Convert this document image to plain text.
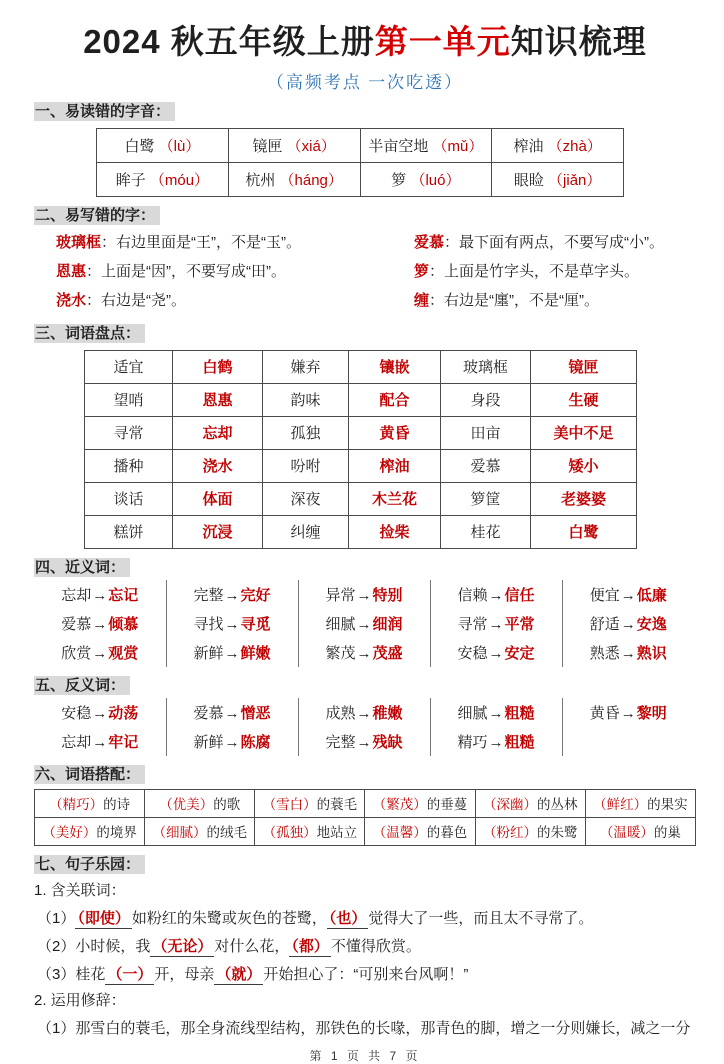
2024 秋五年级上册第一单元知识梳理
（高频考点 一次吃透）
一、易读错的字音：
白鹭 （lù）	镜匣 （xiá）	半亩空地 （mǔ）	榨油 （zhà）
眸子 （móu）	杭州 （háng）	箩 （luó）	眼睑 （jiǎn）
二、易写错的字：
玻璃框：右边里面是“王”，不是“玉”。
恩惠：上面是“因”，不要写成“田”。
浇水：右边是“尧”。
爱慕：最下面有两点，不要写成“小”。
箩：上面是竹字头，不是草字头。
缠：右边是“廛”，不是“厘”。
三、词语盘点：
适宜	白鹤	嫌弃	镶嵌	玻璃框	镜匣
望哨	恩惠	韵味	配合	身段	生硬
寻常	忘却	孤独	黄昏	田亩	美中不足
播种	浇水	吩咐	榨油	爱慕	矮小
谈话	体面	深夜	木兰花	箩筐	老婆婆
糕饼	沉浸	纠缠	捡柴	桂花	白鹭
四、近义词：
忘却→忘记	完整→完好	异常→特别	信赖→信任	便宜→低廉
爱慕→倾慕	寻找→寻觅	细腻→细润	寻常→平常	舒适→安逸
欣赏→观赏	新鲜→鲜嫩	繁茂→茂盛	安稳→安定	熟悉→熟识
五、反义词：
安稳→动荡	爱慕→憎恶	成熟→稚嫩	细腻→粗糙	黄昏→黎明
忘却→牢记	新鲜→陈腐	完整→残缺	精巧→粗糙	
六、词语搭配：
（精巧）的诗	（优美）的歌	（雪白）的蓑毛	（繁茂）的垂蔓	（深幽）的丛林	（鲜红）的果实
（美好）的境界	（细腻）的绒毛	（孤独）地站立	（温馨）的暮色	（粉红）的朱鹭	（温暖）的巢
七、句子乐园：
1. 含关联词：
（1） （即使） 如粉红的朱鹭或灰色的苍鹭， （也） 觉得大了一些，而且太不寻常了。
（2）小时候，我 （无论） 对什么花， （都） 不懂得欣赏。
（3）桂花 （一） 开，母亲 （就） 开始担心了：“可别来台风啊！”
2. 运用修辞：
（1）那雪白的蓑毛，那全身流线型结构，那铁色的长喙，那青色的脚，增之一分则嫌长，减之一分
第 1 页 共 7 页
